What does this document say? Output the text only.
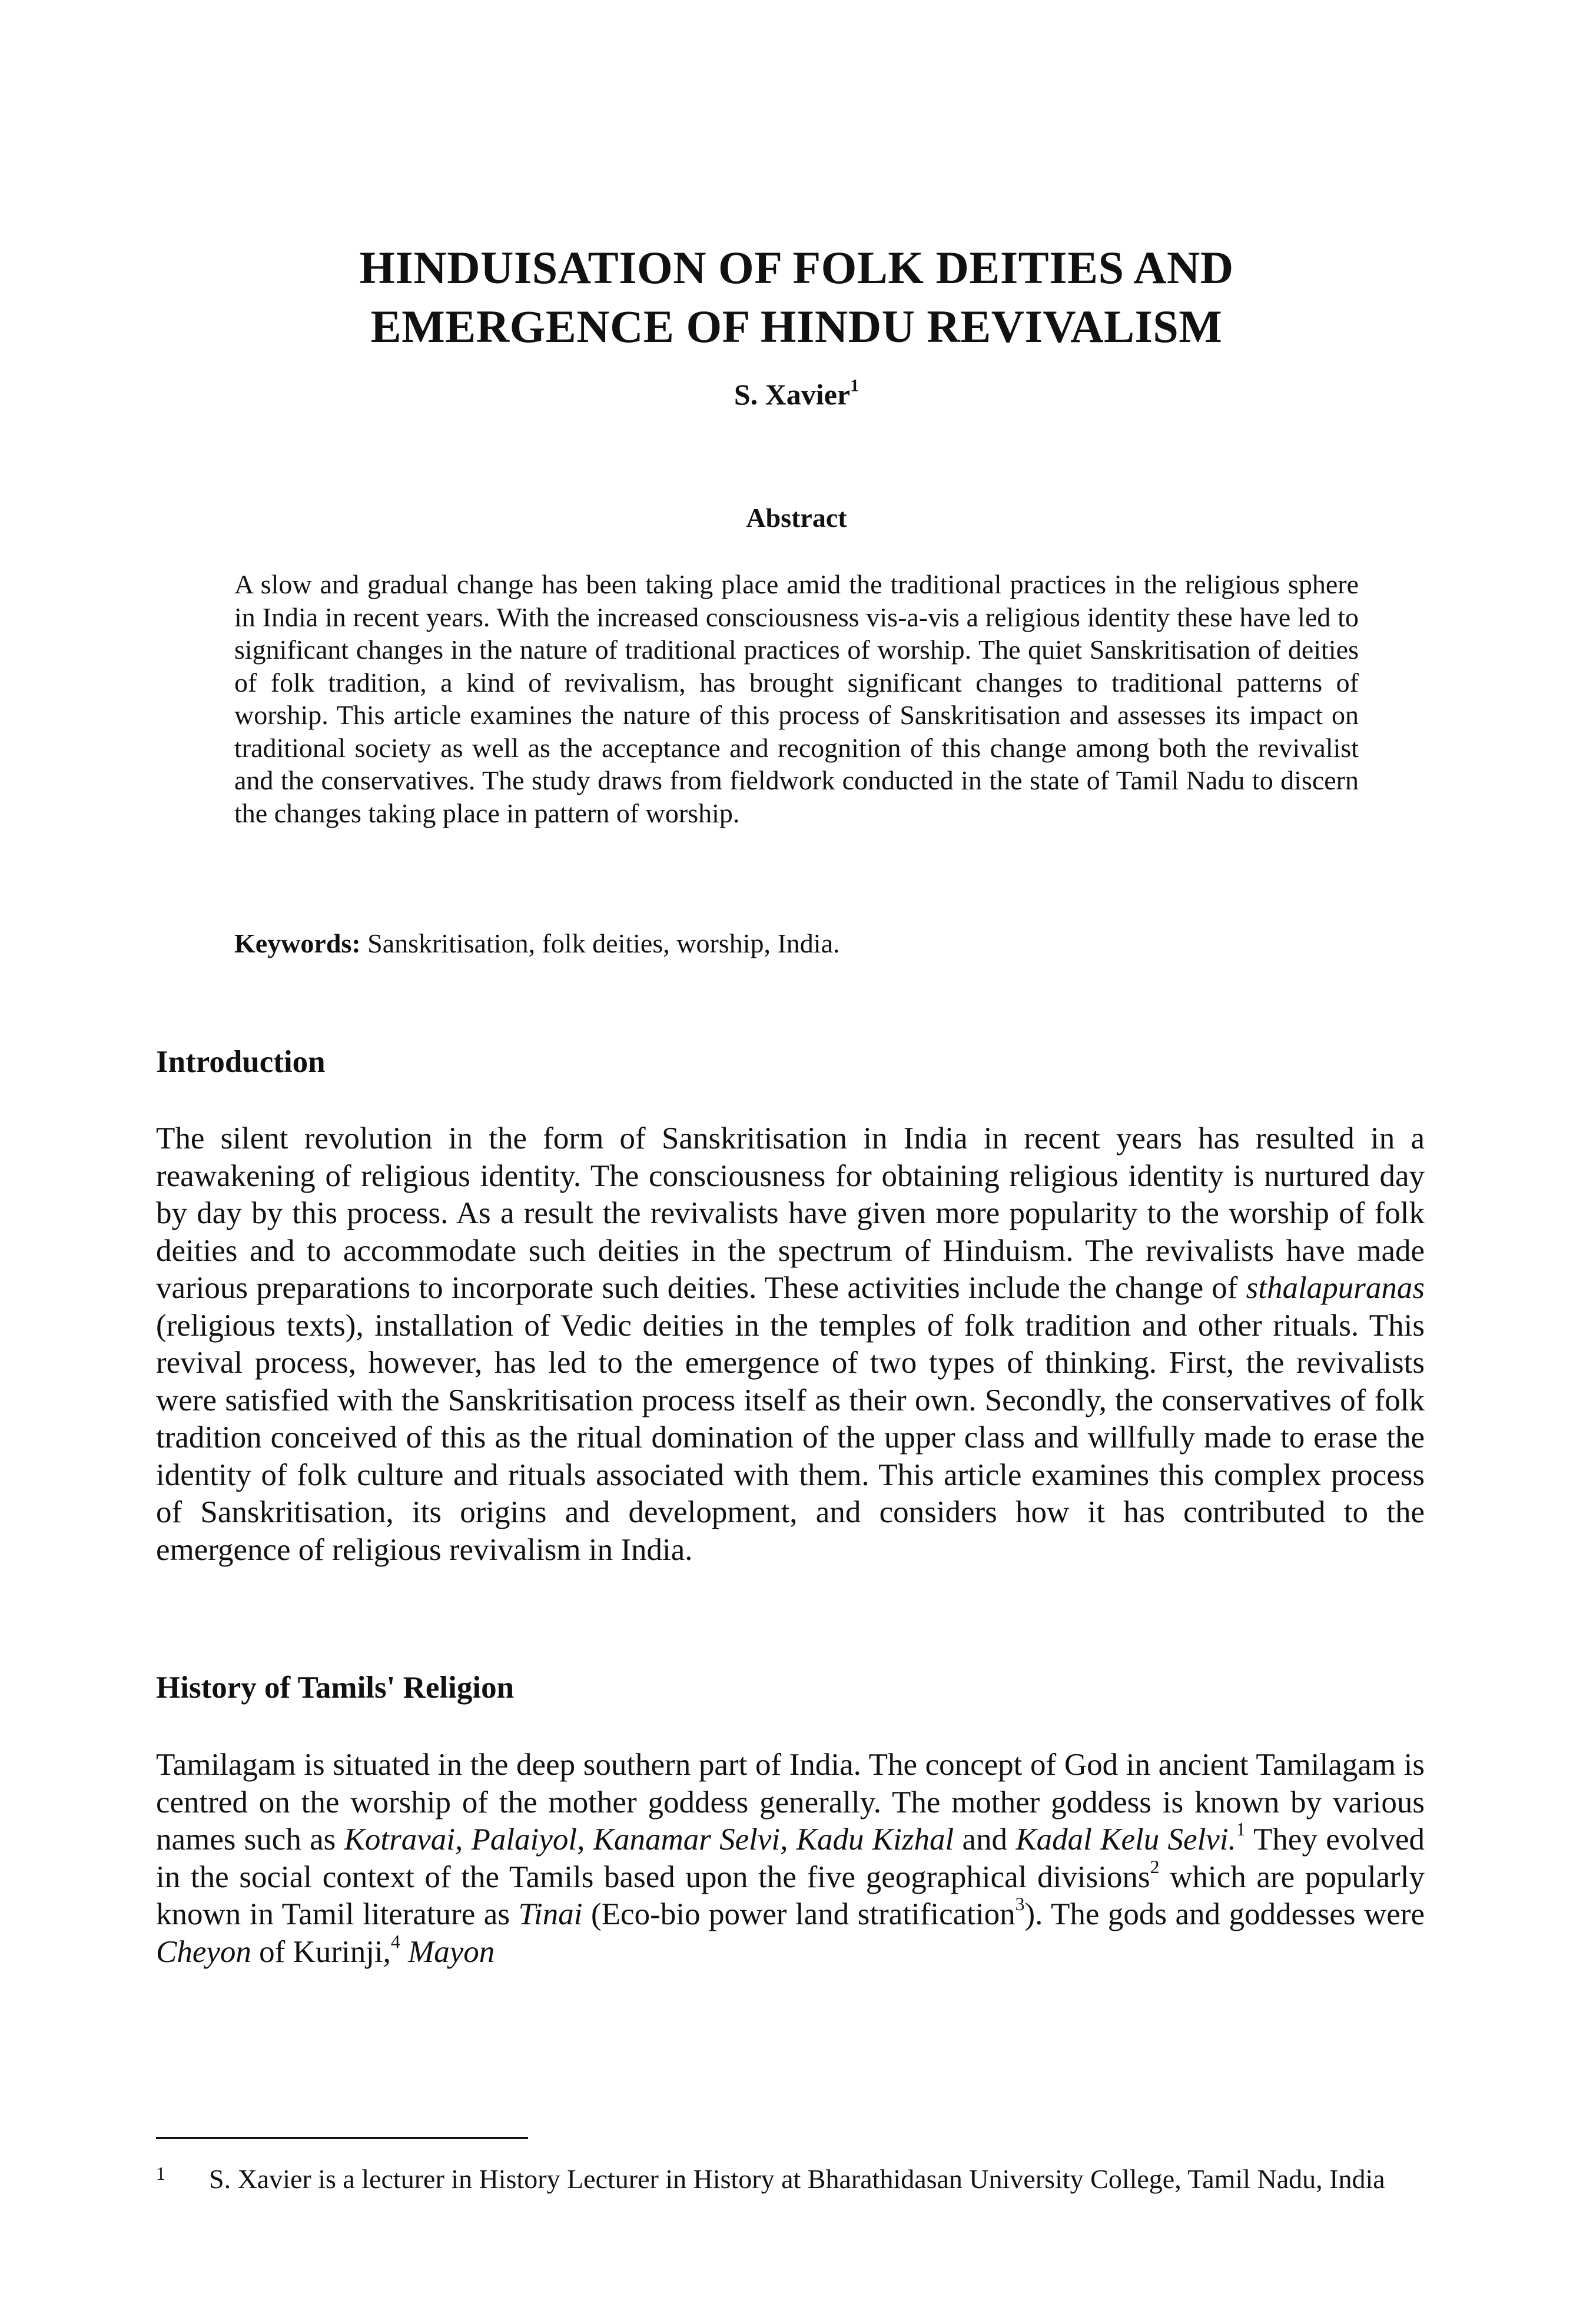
HINDUISATION OF FOLK DEITIES AND
EMERGENCE OF HINDU REVIVALISM
S. Xavier$^1$
Abstract

A slow and gradual change has been taking place amid the traditional practices in the religious sphere in India in recent years. With the increased consciousness vis-a-vis a religious identity these have led to significant changes in the nature of traditional practices of worship. The quiet Sanskritisation of deities of folk tradition, a kind of revivalism, has brought significant changes to traditional patterns of worship. This article examines the nature of this process of Sanskritisation and assesses its impact on traditional society as well as the acceptance and recognition of this change among both the revivalist and the conservatives. The study draws from fieldwork conducted in the state of Tamil Nadu to discern the changes taking place in pattern of worship.

Keywords: Sanskritisation, folk deities, worship, India.

Introduction

The silent revolution in the form of Sanskritisation in India in recent years has resulted in a reawakening of religious identity. The consciousness for obtaining religious identity is nurtured day by day by this process. As a result the revivalists have given more popularity to the worship of folk deities and to accommodate such deities in the spectrum of Hinduism. The revivalists have made various preparations to incorporate such deities. These activities include the change of sthalapuranas (religious texts), installation of Vedic deities in the temples of folk tradition and other rituals. This revival process, however, has led to the emergence of two types of thinking. First, the revivalists were satisfied with the Sanskritisation process itself as their own. Secondly, the conservatives of folk tradition conceived of this as the ritual domination of the upper class and willfully made to erase the identity of folk culture and rituals associated with them. This article examines this complex process of Sanskritisation, its origins and development, and considers how it has contributed to the emergence of religious revivalism in India.

History of Tamils' Religion

Tamilagam is situated in the deep southern part of India. The concept of God in ancient Tamilagam is centred on the worship of the mother goddess generally. The mother goddess is known by various names such as Kotravai, Palaiyol, Kanamar Selvi, Kadu Kizhal and Kadal Kelu Selvi.$^1$ They evolved in the social context of the Tamils based upon the five geographical divisions$^2$ which are popularly known in Tamil literature as Tinai (Eco-bio power land stratification$^3$). The gods and goddesses were Cheyon of Kurinji,$^4$ Mayon

1 S. Xavier is a lecturer in History Lecturer in History at Bharathidasan University College, Tamil Nadu, India
